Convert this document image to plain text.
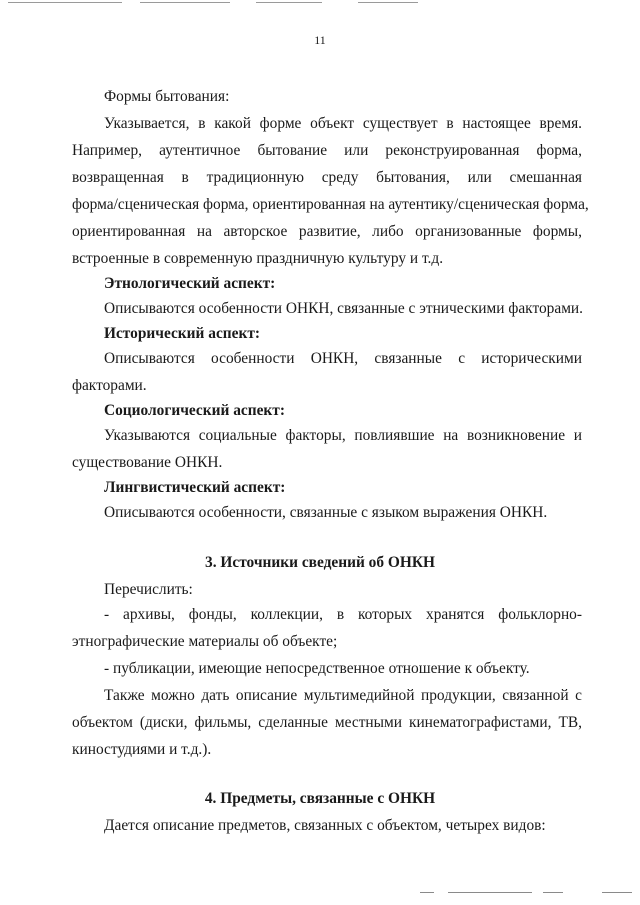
11
Формы бытования:
Указывается, в какой форме объект существует в настоящее время.
Например, аутентичное бытование или реконструированная форма,
возвращенная в традиционную среду бытования, или смешанная
форма/сценическая форма, ориентированная на аутентику/сценическая форма,
ориентированная на авторское развитие, либо организованные формы,
встроенные в современную праздничную культуру и т.д.
Этнологический аспект:
Описываются особенности ОНКН, связанные с этническими факторами.
Исторический аспект:
Описываются особенности ОНКН, связанные с историческими
факторами.
Социологический аспект:
Указываются социальные факторы, повлиявшие на возникновение и
существование ОНКН.
Лингвистический аспект:
Описываются особенности, связанные с языком выражения ОНКН.
3. Источники сведений об ОНКН
Перечислить:
- архивы, фонды, коллекции, в которых хранятся фольклорно-
этнографические материалы об объекте;
- публикации, имеющие непосредственное отношение к объекту.
Также можно дать описание мультимедийной продукции, связанной с
объектом (диски, фильмы, сделанные местными кинематографистами, ТВ,
киностудиями и т.д.).
4. Предметы, связанные с ОНКН
Дается описание предметов, связанных с объектом, четырех видов:
